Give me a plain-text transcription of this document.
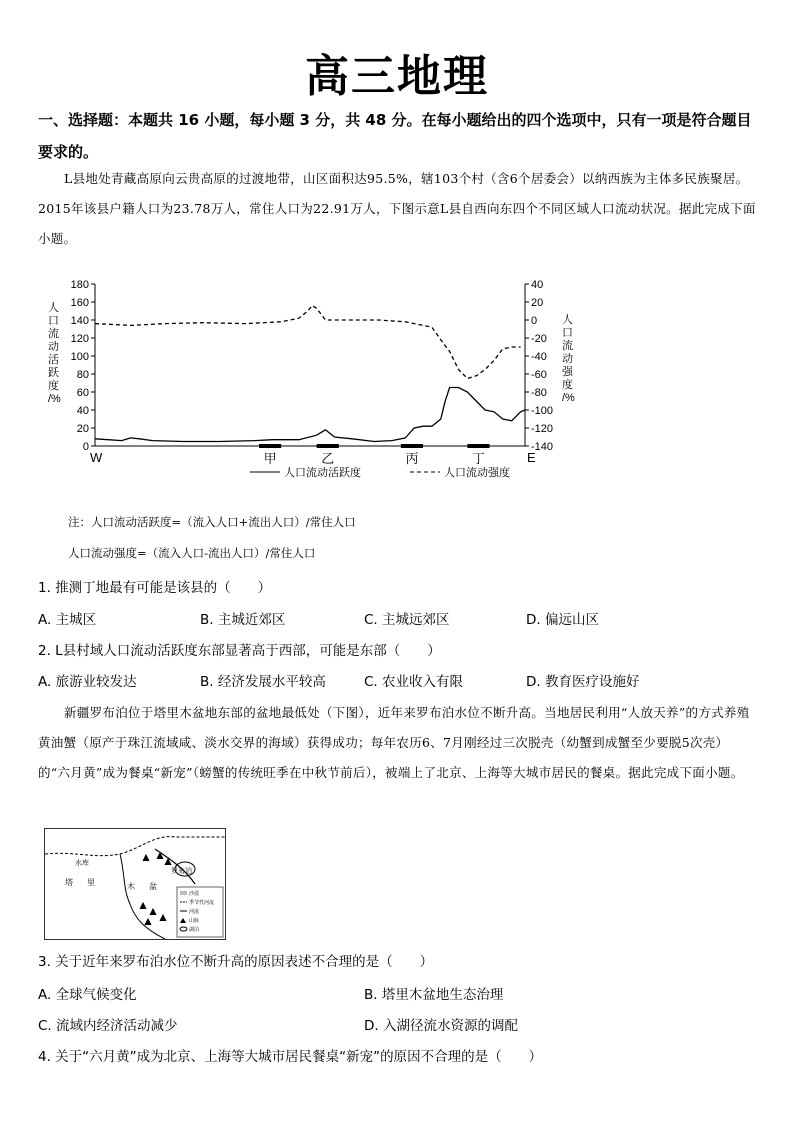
高三地理
一、选择题：本题共 16 小题，每小题 3 分，共 48 分。在每小题给出的四个选项中，只有一项是符合题目要求的。
L县地处青藏高原向云贵高原的过渡地带，山区面积达95.5%，辖103个村（含6个居委会）以纳西族为主体多民族聚居。2015年该县户籍人口为23.78万人，常住人口为22.91万人，下图示意L县自西向东四个不同区域人口流动状况。据此完成下面小题。
0
20
40
60
80
100
120
140
160
180	40
20
0
-20
-40
-60
-80
-100
-120
-140
W	E
甲	乙	丙	丁
人口流动活跃度	人口流动强度
人口流动活跃度/%
人口流动强度/%
注：人口流动活跃度=（流入人口+流出人口）/常住人口
人口流动强度=（流入人口-流出人口）/常住人口
1. 推测丁地最有可能是该县的（　　）
A. 主城区	B. 主城近郊区	C. 主城远郊区	D. 偏远山区
2. L县村域人口流动活跃度东部显著高于西部，可能是东部（　　）
A. 旅游业较发达	B. 经济发展水平较高	C. 农业收入有限	D. 教育医疗设施好
新疆罗布泊位于塔里木盆地东部的盆地最低处（下图），近年来罗布泊水位不断升高。当地居民利用“人放天养”的方式养殖黄油蟹（原产于珠江流域咸、淡水交界的海域）获得成功；每年农历6、7月刚经过三次脱壳（幼蟹到成蟹至少要脱5次壳）的“六月黄”成为餐桌“新宠”（螃蟹的传统旺季在中秋节前后），被端上了北京、上海等大城市居民的餐桌。据此完成下面小题。
塔 里	木 盆
水库
罗布泊
沙漠
季节性河流
河流
山脉
湖泊
3. 关于近年来罗布泊水位不断升高的原因表述不合理的是（　　）
A. 全球气候变化	B. 塔里木盆地生态治理
C. 流域内经济活动减少	D. 入湖径流水资源的调配
4. 关于“六月黄”成为北京、上海等大城市居民餐桌“新宠”的原因不合理的是（　　）
